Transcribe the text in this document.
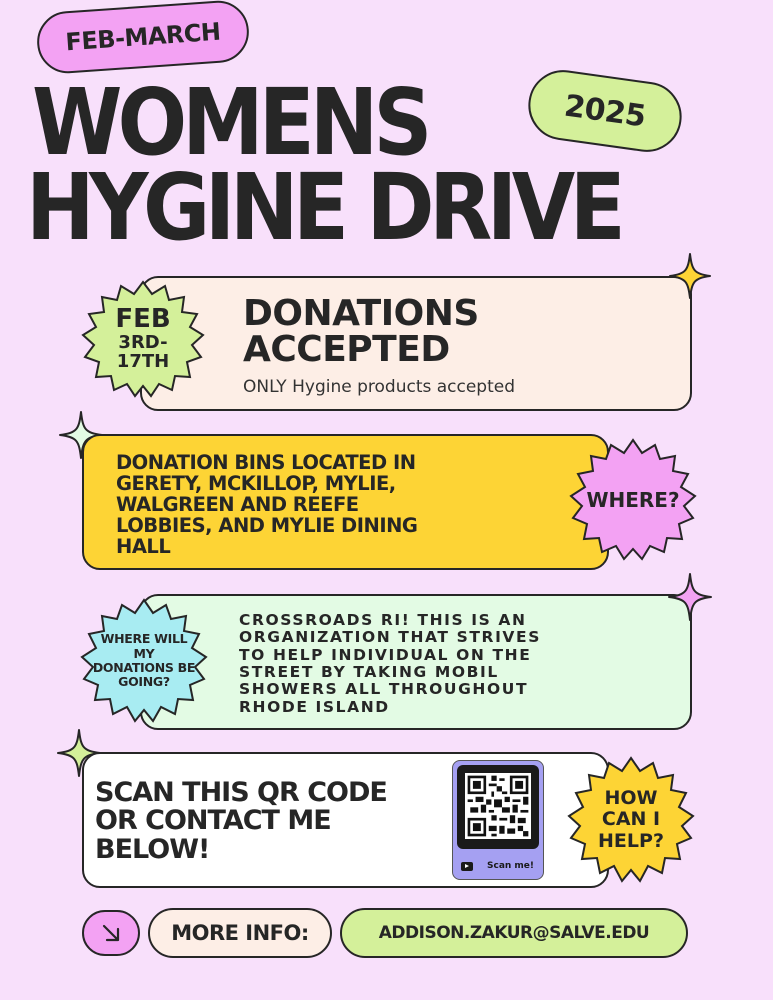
FEB-MARCH
2025
WOMENS
HYGINE DRIVE
FEB
3RD-
17TH
DONATIONS
ACCEPTED
ONLY Hygine products accepted
DONATION BINS LOCATED IN
GERETY, MCKILLOP, MYLIE,
WALGREEN AND REEFE
LOBBIES, AND MYLIE DINING
HALL
WHERE?
WHERE WILL
MY
DONATIONS BE
GOING?
CROSSROADS RI! THIS IS AN
ORGANIZATION THAT STRIVES
TO HELP INDIVIDUAL ON THE
STREET BY TAKING MOBIL
SHOWERS ALL THROUGHOUT
RHODE ISLAND
SCAN THIS QR CODE
OR CONTACT ME
BELOW!
Scan me!
HOW
CAN I
HELP?
MORE INFO:	ADDISON.ZAKUR@SALVE.EDU
